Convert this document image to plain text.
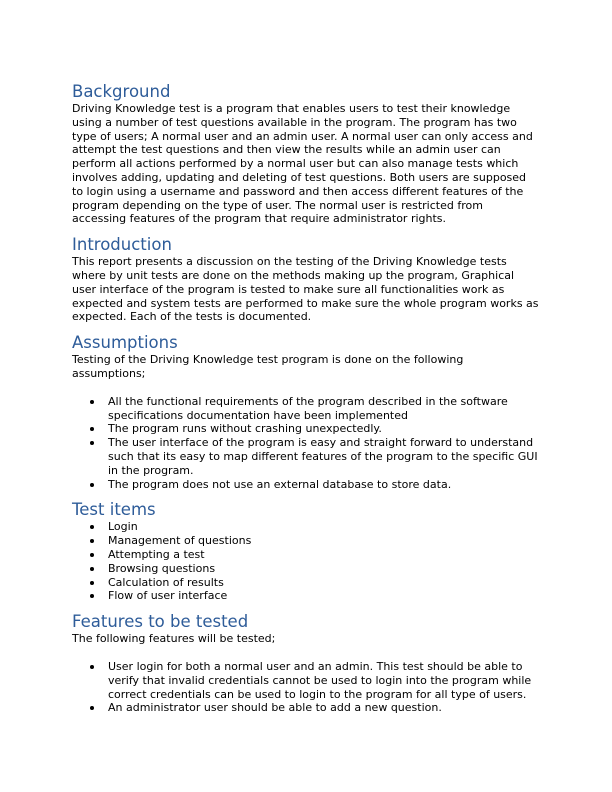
Background

Driving Knowledge test is a program that enables users to test their knowledge using a number of test questions available in the program. The program has two type of users; A normal user and an admin user. A normal user can only access and attempt the test questions and then view the results while an admin user can perform all actions performed by a normal user but can also manage tests which involves adding, updating and deleting of test questions. Both users are supposed to login using a username and password and then access different features of the program depending on the type of user. The normal user is restricted from accessing features of the program that require administrator rights.

Introduction

This report presents a discussion on the testing of the Driving Knowledge tests where by unit tests are done on the methods making up the program, Graphical user interface of the program is tested to make sure all functionalities work as expected and system tests are performed to make sure the whole program works as expected. Each of the tests is documented.

Assumptions

Testing of the Driving Knowledge test program is done on the following assumptions;

All the functional requirements of the program described in the software specifications documentation have been implemented
The program runs without crashing unexpectedly.
The user interface of the program is easy and straight forward to understand such that its easy to map different features of the program to the specific GUI in the program.
The program does not use an external database to store data.
Test items
Login
Management of questions
Attempting a test
Browsing questions
Calculation of results
Flow of user interface
Features to be tested

The following features will be tested;

User login for both a normal user and an admin. This test should be able to verify that invalid credentials cannot be used to login into the program while correct credentials can be used to login to the program for all type of users.
An administrator user should be able to add a new question.
